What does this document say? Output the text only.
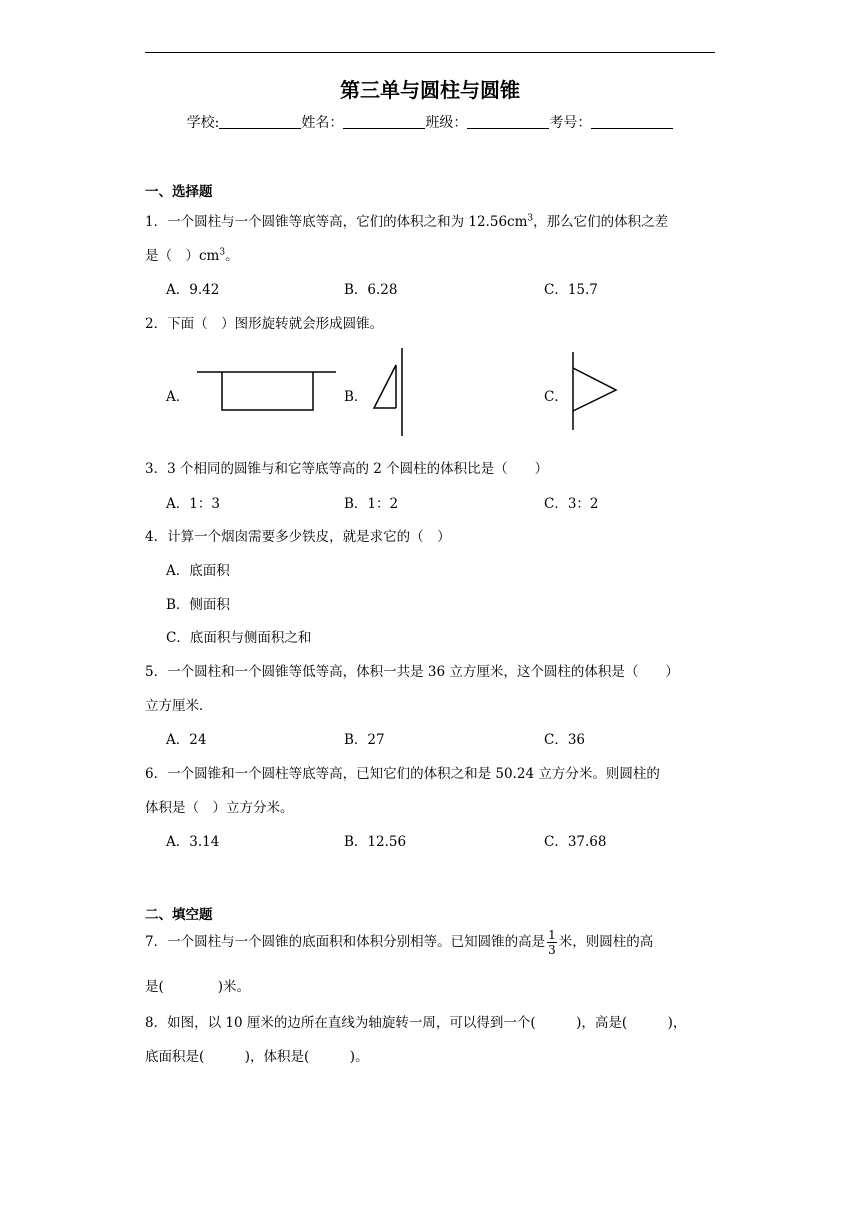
第三单与圆柱与圆锥
学校:	姓名：	班级：	考号：
一、选择题
1．一个圆柱与一个圆锥等底等高，它们的体积之和为 $12.56cm^3$，那么它们的体积之差
是（　）$cm^3$。
A．9.42	B．6.28	C．15.7
2．下面（　）图形旋转就会形成圆锥。
A．	B．	C．
3．3 个相同的圆锥与和它等底等高的 2 个圆柱的体积比是（　　）
A．1：3	B．1：2	C．3：2
4．计算一个烟囱需要多少铁皮，就是求它的（　）
A．底面积
B．侧面积
C．底面积与侧面积之和
5．一个圆柱和一个圆锥等低等高，体积一共是 36 立方厘米，这个圆柱的体积是（　　）
立方厘米．
A．24	B．27	C．36
6．一个圆锥和一个圆柱等底等高，已知它们的体积之和是 50.24 立方分米。则圆柱的
体积是（　）立方分米。
A．3.14	B．12.56	C．37.68
二、填空题
7．一个圆柱与一个圆锥的底面积和体积分别相等。已知圆锥的高是 $\frac{1}{3}$ 米，则圆柱的高
是(　　　　)米。
8．如图，以 10 厘米的边所在直线为轴旋转一周，可以得到一个(　　　)，高是(　　　)，
底面积是(　　　)，体积是(　　　)。
